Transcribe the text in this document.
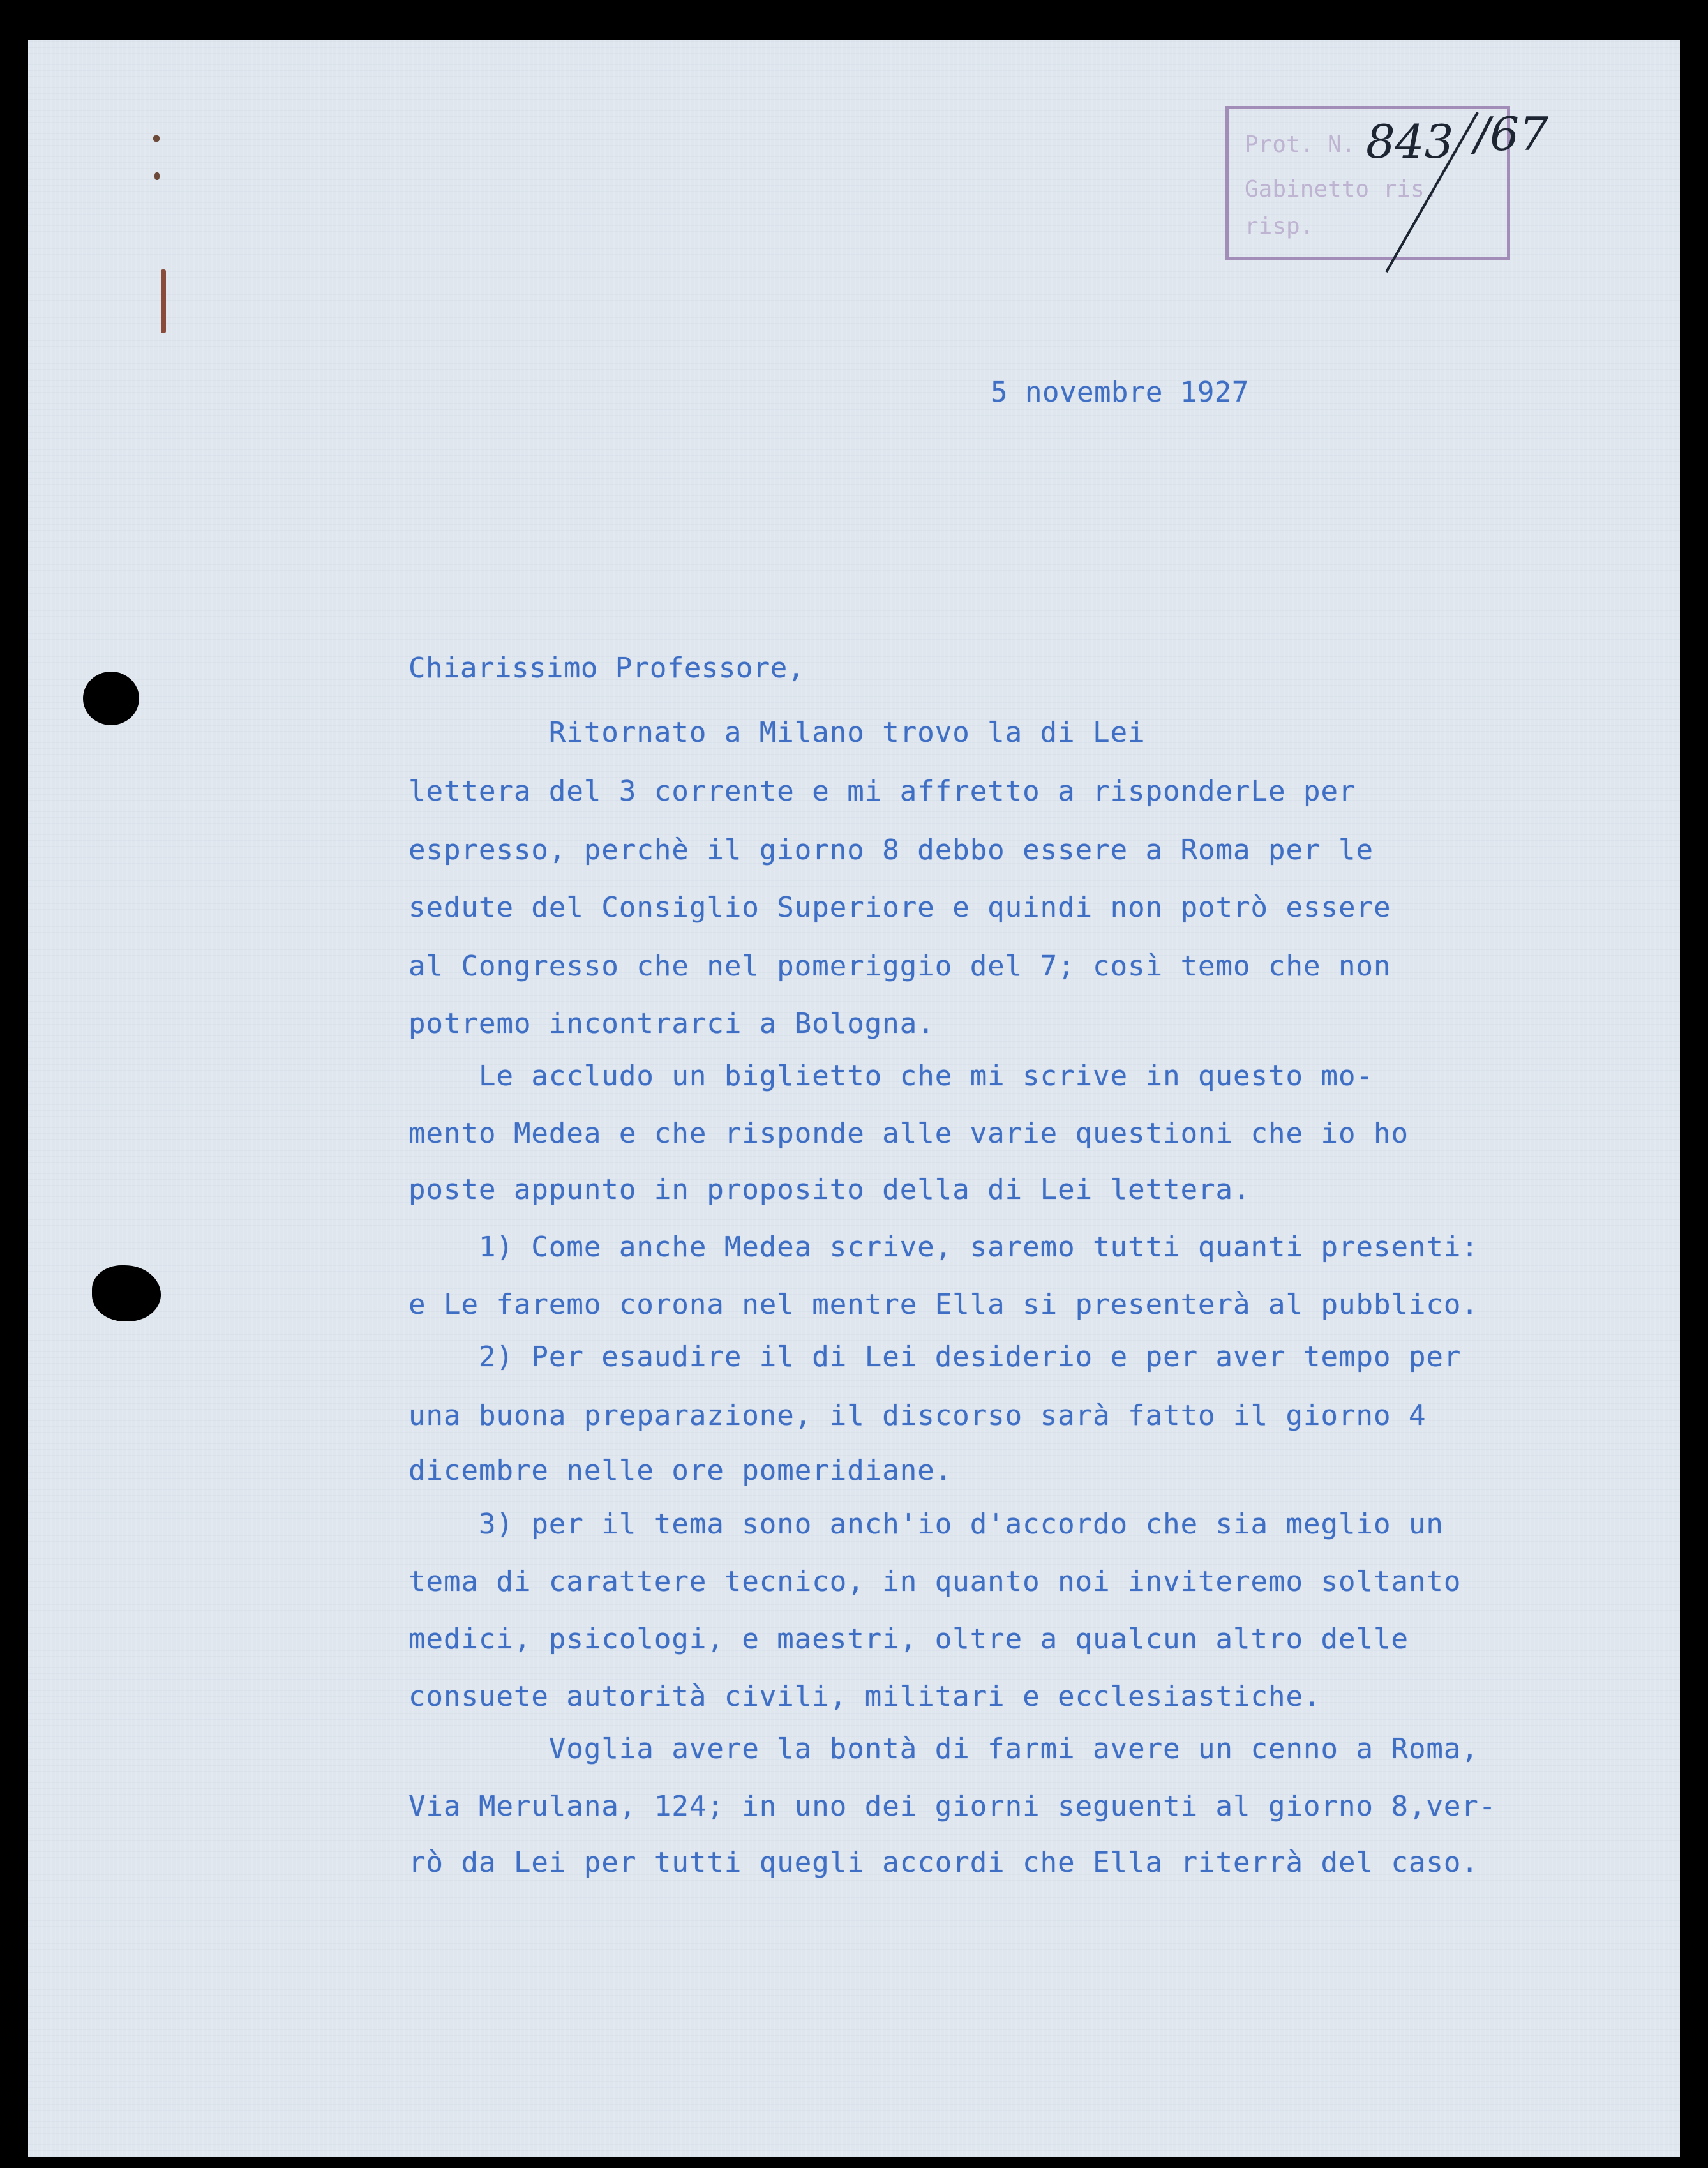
Prot. N.
Gabinetto ris.
risp.
843 /67
5 novembre 1927
Chiarissimo Professore,
Ritornato a Milano trovo la di Lei
lettera del 3 corrente e mi affretto a risponderLe per
espresso, perchè il giorno 8 debbo essere a Roma per le
sedute del Consiglio Superiore e quindi non potrò essere
al Congresso che nel pomeriggio del 7; così temo che non
potremo incontrarci a Bologna.
Le accludo un biglietto che mi scrive in questo mo-
mento Medea e che risponde alle varie questioni che io ho
poste appunto in proposito della di Lei lettera.
1) Come anche Medea scrive, saremo tutti quanti presenti:
e Le faremo corona nel mentre Ella si presenterà al pubblico.
2) Per esaudire il di Lei desiderio e per aver tempo per
una buona preparazione, il discorso sarà fatto il giorno 4
dicembre nelle ore pomeridiane.
3) per il tema sono anch'io d'accordo che sia meglio un
tema di carattere tecnico, in quanto noi inviteremo soltanto
medici, psicologi, e maestri, oltre a qualcun altro delle
consuete autorità civili, militari e ecclesiastiche.
Voglia avere la bontà di farmi avere un cenno a Roma,
Via Merulana, 124; in uno dei giorni seguenti al giorno 8,ver-
rò da Lei per tutti quegli accordi che Ella riterrà del caso.
